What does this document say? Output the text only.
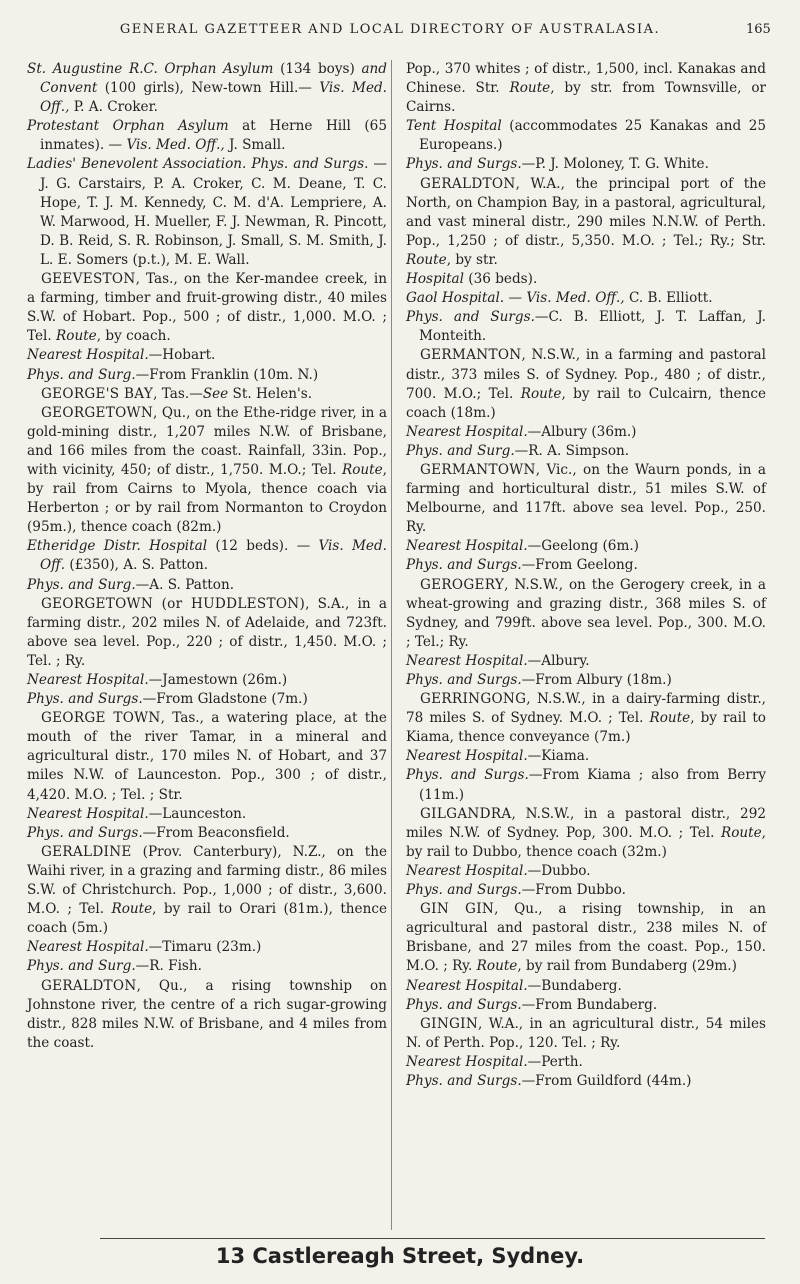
GENERAL GAZETTEER AND LOCAL DIRECTORY OF AUSTRALASIA.	165

St. Augustine R.C. Orphan Asylum (134 boys) and Convent (100 girls), New-town Hill.— Vis. Med. Off., P. A. Croker.

Protestant Orphan Asylum at Herne Hill (65 inmates). — Vis. Med. Off., J. Small.

Ladies' Benevolent Association. Phys. and Surgs. — J. G. Carstairs, P. A. Croker, C. M. Deane, T. C. Hope, T. J. M. Kennedy, C. M. d'A. Lempriere, A. W. Marwood, H. Mueller, F. J. Newman, R. Pincott, D. B. Reid, S. R. Robinson, J. Small, S. M. Smith, J. L. E. Somers (p.t.), M. E. Wall.

GEEVESTON, Tas., on the Ker-mandee creek, in a farming, timber and fruit-growing distr., 40 miles S.W. of Hobart. Pop., 500 ; of distr., 1,000. M.O. ; Tel. Route, by coach.

Nearest Hospital.—Hobart.

Phys. and Surg.—From Franklin (10m. N.)

GEORGE'S BAY, Tas.—See St. Helen's.

GEORGETOWN, Qu., on the Ethe-ridge river, in a gold-mining distr., 1,207 miles N.W. of Brisbane, and 166 miles from the coast. Rainfall, 33in. Pop., with vicinity, 450; of distr., 1,750. M.O.; Tel. Route, by rail from Cairns to Myola, thence coach via Herberton ; or by rail from Normanton to Croydon (95m.), thence coach (82m.)

Etheridge Distr. Hospital (12 beds). — Vis. Med. Off. (£350), A. S. Patton.

Phys. and Surg.—A. S. Patton.

GEORGETOWN (or HUDDLESTON), S.A., in a farming distr., 202 miles N. of Adelaide, and 723ft. above sea level. Pop., 220 ; of distr., 1,450. M.O. ; Tel. ; Ry.

Nearest Hospital.—Jamestown (26m.)

Phys. and Surgs.—From Gladstone (7m.)

GEORGE TOWN, Tas., a watering place, at the mouth of the river Tamar, in a mineral and agricultural distr., 170 miles N. of Hobart, and 37 miles N.W. of Launceston. Pop., 300 ; of distr., 4,420. M.O. ; Tel. ; Str.

Nearest Hospital.—Launceston.

Phys. and Surgs.—From Beaconsfield.

GERALDINE (Prov. Canterbury), N.Z., on the Waihi river, in a grazing and farming distr., 86 miles S.W. of Christchurch. Pop., 1,000 ; of distr., 3,600. M.O. ; Tel. Route, by rail to Orari (81m.), thence coach (5m.)

Nearest Hospital.—Timaru (23m.)

Phys. and Surg.—R. Fish.

GERALDTON, Qu., a rising township on Johnstone river, the centre of a rich sugar-growing distr., 828 miles N.W. of Brisbane, and 4 miles from the coast.

Pop., 370 whites ; of distr., 1,500, incl. Kanakas and Chinese. Str. Route, by str. from Townsville, or Cairns.

Tent Hospital (accommodates 25 Kanakas and 25 Europeans.)

Phys. and Surgs.—P. J. Moloney, T. G. White.

GERALDTON, W.A., the principal port of the North, on Champion Bay, in a pastoral, agricultural, and vast mineral distr., 290 miles N.N.W. of Perth. Pop., 1,250 ; of distr., 5,350. M.O. ; Tel.; Ry.; Str. Route, by str.

Hospital (36 beds).

Gaol Hospital. — Vis. Med. Off., C. B. Elliott.

Phys. and Surgs.—C. B. Elliott, J. T. Laffan, J. Monteith.

GERMANTON, N.S.W., in a farming and pastoral distr., 373 miles S. of Sydney. Pop., 480 ; of distr., 700. M.O.; Tel. Route, by rail to Culcairn, thence coach (18m.)

Nearest Hospital.—Albury (36m.)

Phys. and Surg.—R. A. Simpson.

GERMANTOWN, Vic., on the Waurn ponds, in a farming and horticultural distr., 51 miles S.W. of Melbourne, and 117ft. above sea level. Pop., 250. Ry.

Nearest Hospital.—Geelong (6m.)

Phys. and Surgs.—From Geelong.

GEROGERY, N.S.W., on the Gerogery creek, in a wheat-growing and grazing distr., 368 miles S. of Sydney, and 799ft. above sea level. Pop., 300. M.O. ; Tel.; Ry.

Nearest Hospital.—Albury.

Phys. and Surgs.—From Albury (18m.)

GERRINGONG, N.S.W., in a dairy-farming distr., 78 miles S. of Sydney. M.O. ; Tel. Route, by rail to Kiama, thence conveyance (7m.)

Nearest Hospital.—Kiama.

Phys. and Surgs.—From Kiama ; also from Berry (11m.)

GILGANDRA, N.S.W., in a pastoral distr., 292 miles N.W. of Sydney. Pop, 300. M.O. ; Tel. Route, by rail to Dubbo, thence coach (32m.)

Nearest Hospital.—Dubbo.

Phys. and Surgs.—From Dubbo.

GIN GIN, Qu., a rising township, in an agricultural and pastoral distr., 238 miles N. of Brisbane, and 27 miles from the coast. Pop., 150. M.O. ; Ry. Route, by rail from Bundaberg (29m.)

Nearest Hospital.—Bundaberg.

Phys. and Surgs.—From Bundaberg.

GINGIN, W.A., in an agricultural distr., 54 miles N. of Perth. Pop., 120. Tel. ; Ry.

Nearest Hospital.—Perth.

Phys. and Surgs.—From Guildford (44m.)

13 Castlereagh Street, Sydney.
